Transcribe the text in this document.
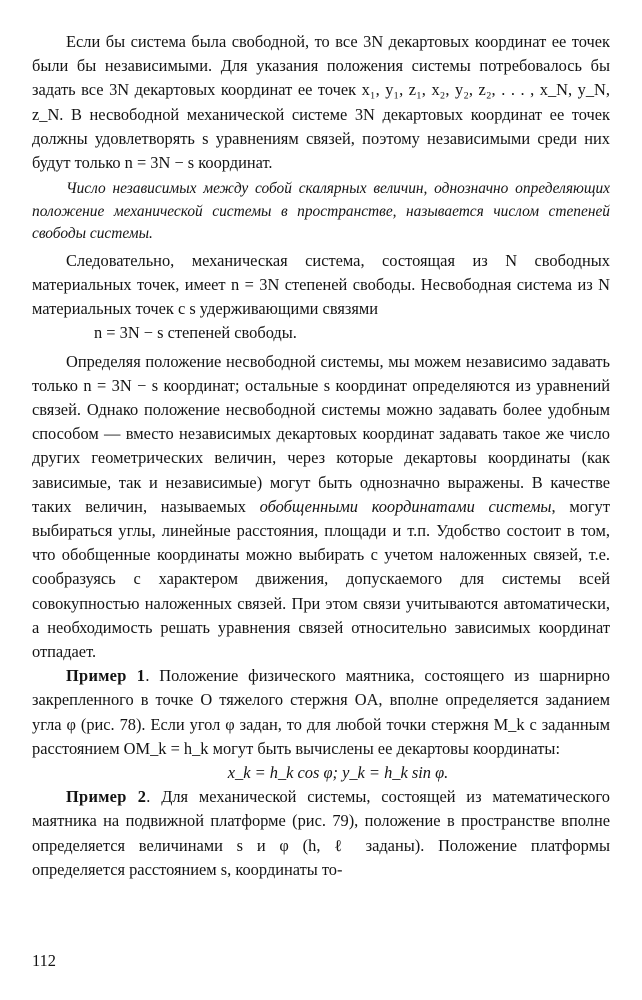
Если бы система была свободной, то все 3N декартовых координат ее точек были бы независимыми. Для указания положения системы потребовалось бы задать все 3N декартовых координат ее точек x₁, y₁, z₁, x₂, y₂, z₂, . . . , x_N, y_N, z_N. В несвободной механической системе 3N декартовых координат ее точек должны удовлетворять s уравнениям связей, поэтому независимыми среди них будут только n = 3N − s координат.

Число независимых между собой скалярных величин, однозначно определяющих положение механической системы в пространстве, называется числом степеней свободы системы.

Следовательно, механическая система, состоящая из N свободных материальных точек, имеет n = 3N степеней свободы. Несвободная система из N материальных точек с s удерживающими связями

n = 3N − s степеней свободы.

Определяя положение несвободной системы, мы можем независимо задавать только n = 3N − s координат; остальные s координат определяются из уравнений связей. Однако положение несвободной системы можно задавать более удобным способом — вместо независимых декартовых координат задавать такое же число других геометрических величин, через которые декартовы координаты (как зависимые, так и независимые) могут быть однозначно выражены. В качестве таких величин, называемых обобщенными координатами системы, могут выбираться углы, линейные расстояния, площади и т.п. Удобство состоит в том, что обобщенные координаты можно выбирать с учетом наложенных связей, т.е. сообразуясь с характером движения, допускаемого для системы всей совокупностью наложенных связей. При этом связи учитываются автоматически, а необходимость решать уравнения связей относительно зависимых координат отпадает.

Пример 1. Положение физического маятника, состоящего из шарнирно закрепленного в точке O тяжелого стержня OA, вполне определяется заданием угла φ (рис. 78). Если угол φ задан, то для любой точки стержня M_k с заданным расстоянием OM_k = h_k могут быть вычислены ее декартовы координаты:

x_k = h_k cos φ; y_k = h_k sin φ.

Пример 2. Для механической системы, состоящей из математического маятника на подвижной платформе (рис. 79), положение в пространстве вполне определяется величинами s и φ (h, ℓ заданы). Положение платформы определяется расстоянием s, координаты то-

112
